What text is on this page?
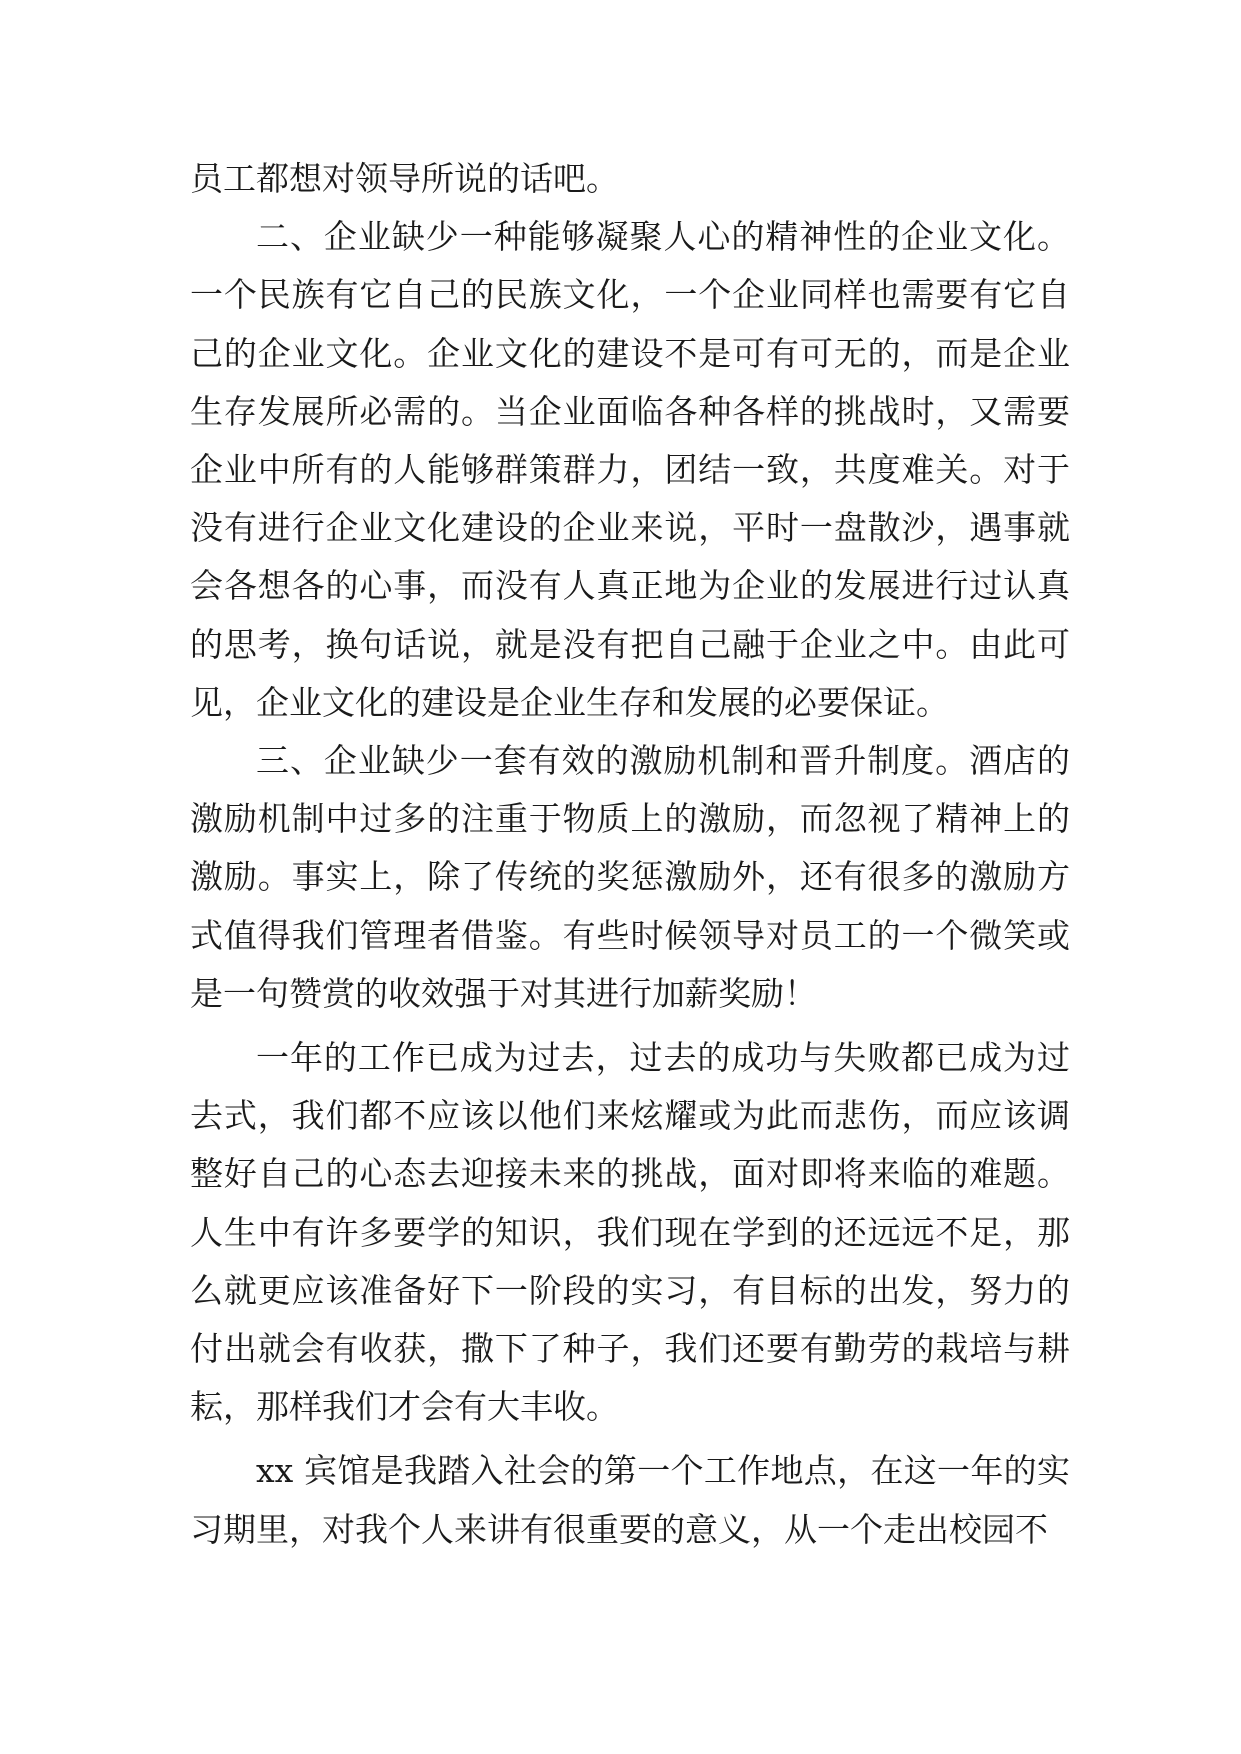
员工都想对领导所说的话吧。

二、企业缺少一种能够凝聚人心的精神性的企业文化。一个民族有它自己的民族文化，一个企业同样也需要有它自己的企业文化。企业文化的建设不是可有可无的，而是企业生存发展所必需的。当企业面临各种各样的挑战时，又需要企业中所有的人能够群策群力，团结一致，共度难关。对于没有进行企业文化建设的企业来说，平时一盘散沙，遇事就会各想各的心事，而没有人真正地为企业的发展进行过认真的思考，换句话说，就是没有把自己融于企业之中。由此可见，企业文化的建设是企业生存和发展的必要保证。

三、企业缺少一套有效的激励机制和晋升制度。酒店的激励机制中过多的注重于物质上的激励，而忽视了精神上的激励。事实上，除了传统的奖惩激励外，还有很多的激励方式值得我们管理者借鉴。有些时候领导对员工的一个微笑或是一句赞赏的收效强于对其进行加薪奖励！

一年的工作已成为过去，过去的成功与失败都已成为过去式，我们都不应该以他们来炫耀或为此而悲伤，而应该调整好自己的心态去迎接未来的挑战，面对即将来临的难题。人生中有许多要学的知识，我们现在学到的还远远不足，那么就更应该准备好下一阶段的实习，有目标的出发，努力的付出就会有收获，撒下了种子，我们还要有勤劳的栽培与耕耘，那样我们才会有大丰收。

xx 宾馆是我踏入社会的第一个工作地点，在这一年的实习期里，对我个人来讲有很重要的意义，从一个走出校园不
